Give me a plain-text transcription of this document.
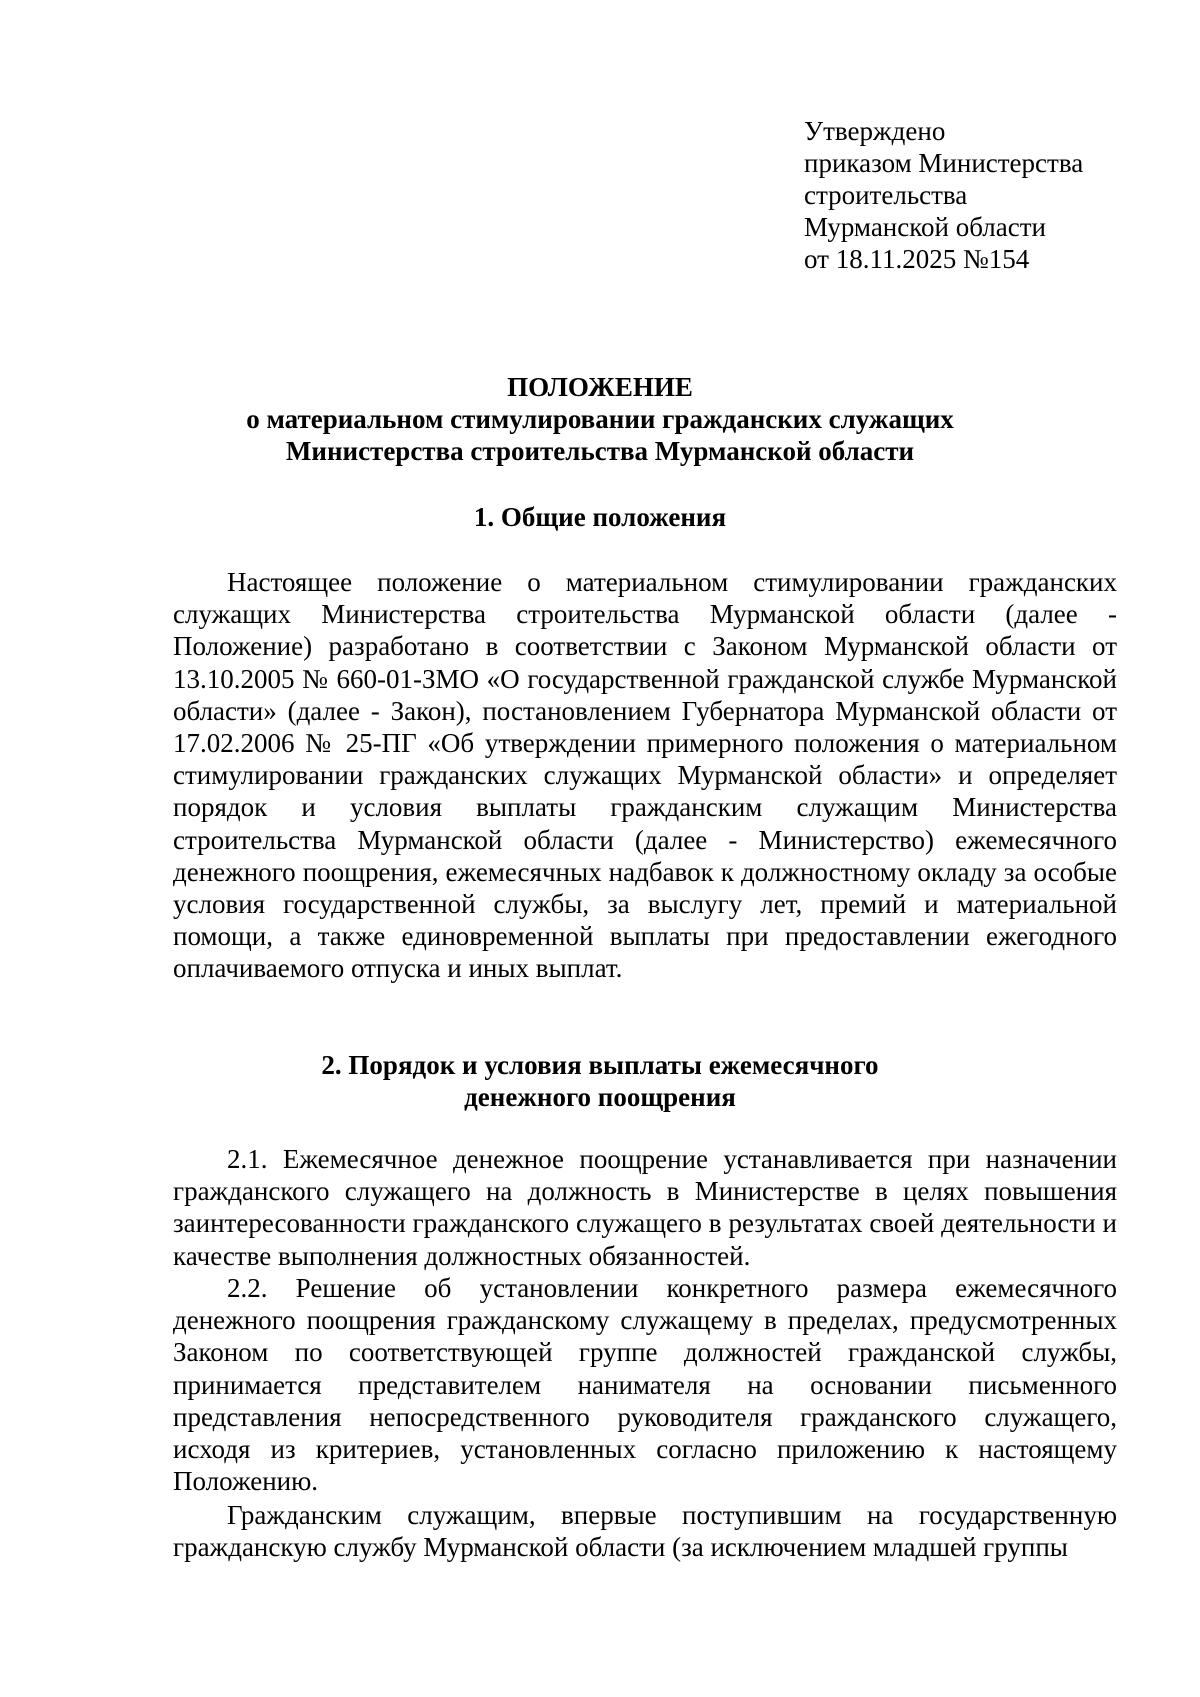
Утверждено
приказом Министерства
строительства
Мурманской области
от 18.11.2025 №154
ПОЛОЖЕНИЕ
о материальном стимулировании гражданских служащих
Министерства строительства Мурманской области
1. Общие положения

Настоящее положение о материальном стимулировании гражданских служащих Министерства строительства Мурманской области (далее - Положение) разработано в соответствии с Законом Мурманской области от 13.10.2005 № 660-01-ЗМО «О государственной гражданской службе Мурманской области» (далее - Закон), постановлением Губернатора Мурманской области от 17.02.2006 № 25-ПГ «Об утверждении примерного положения о материальном стимулировании гражданских служащих Мурманской области» и определяет порядок и условия выплаты гражданским служащим Министерства строительства Мурманской области (далее - Министерство) ежемесячного денежного поощрения, ежемесячных надбавок к должностному окладу за особые условия государственной службы, за выслугу лет, премий и материальной помощи, а также единовременной выплаты при предоставлении ежегодного оплачиваемого отпуска и иных выплат.

2. Порядок и условия выплаты ежемесячного
денежного поощрения

2.1. Ежемесячное денежное поощрение устанавливается при назначении гражданского служащего на должность в Министерстве в целях повышения заинтересованности гражданского служащего в результатах своей деятельности и качестве выполнения должностных обязанностей.

2.2. Решение об установлении конкретного размера ежемесячного денежного поощрения гражданскому служащему в пределах, предусмотренных Законом по соответствующей группе должностей гражданской службы, принимается представителем нанимателя на основании письменного представления непосредственного руководителя гражданского служащего, исходя из критериев, установленных согласно приложению к настоящему Положению.

Гражданским служащим, впервые поступившим на государственную гражданскую службу Мурманской области (за исключением младшей группы
